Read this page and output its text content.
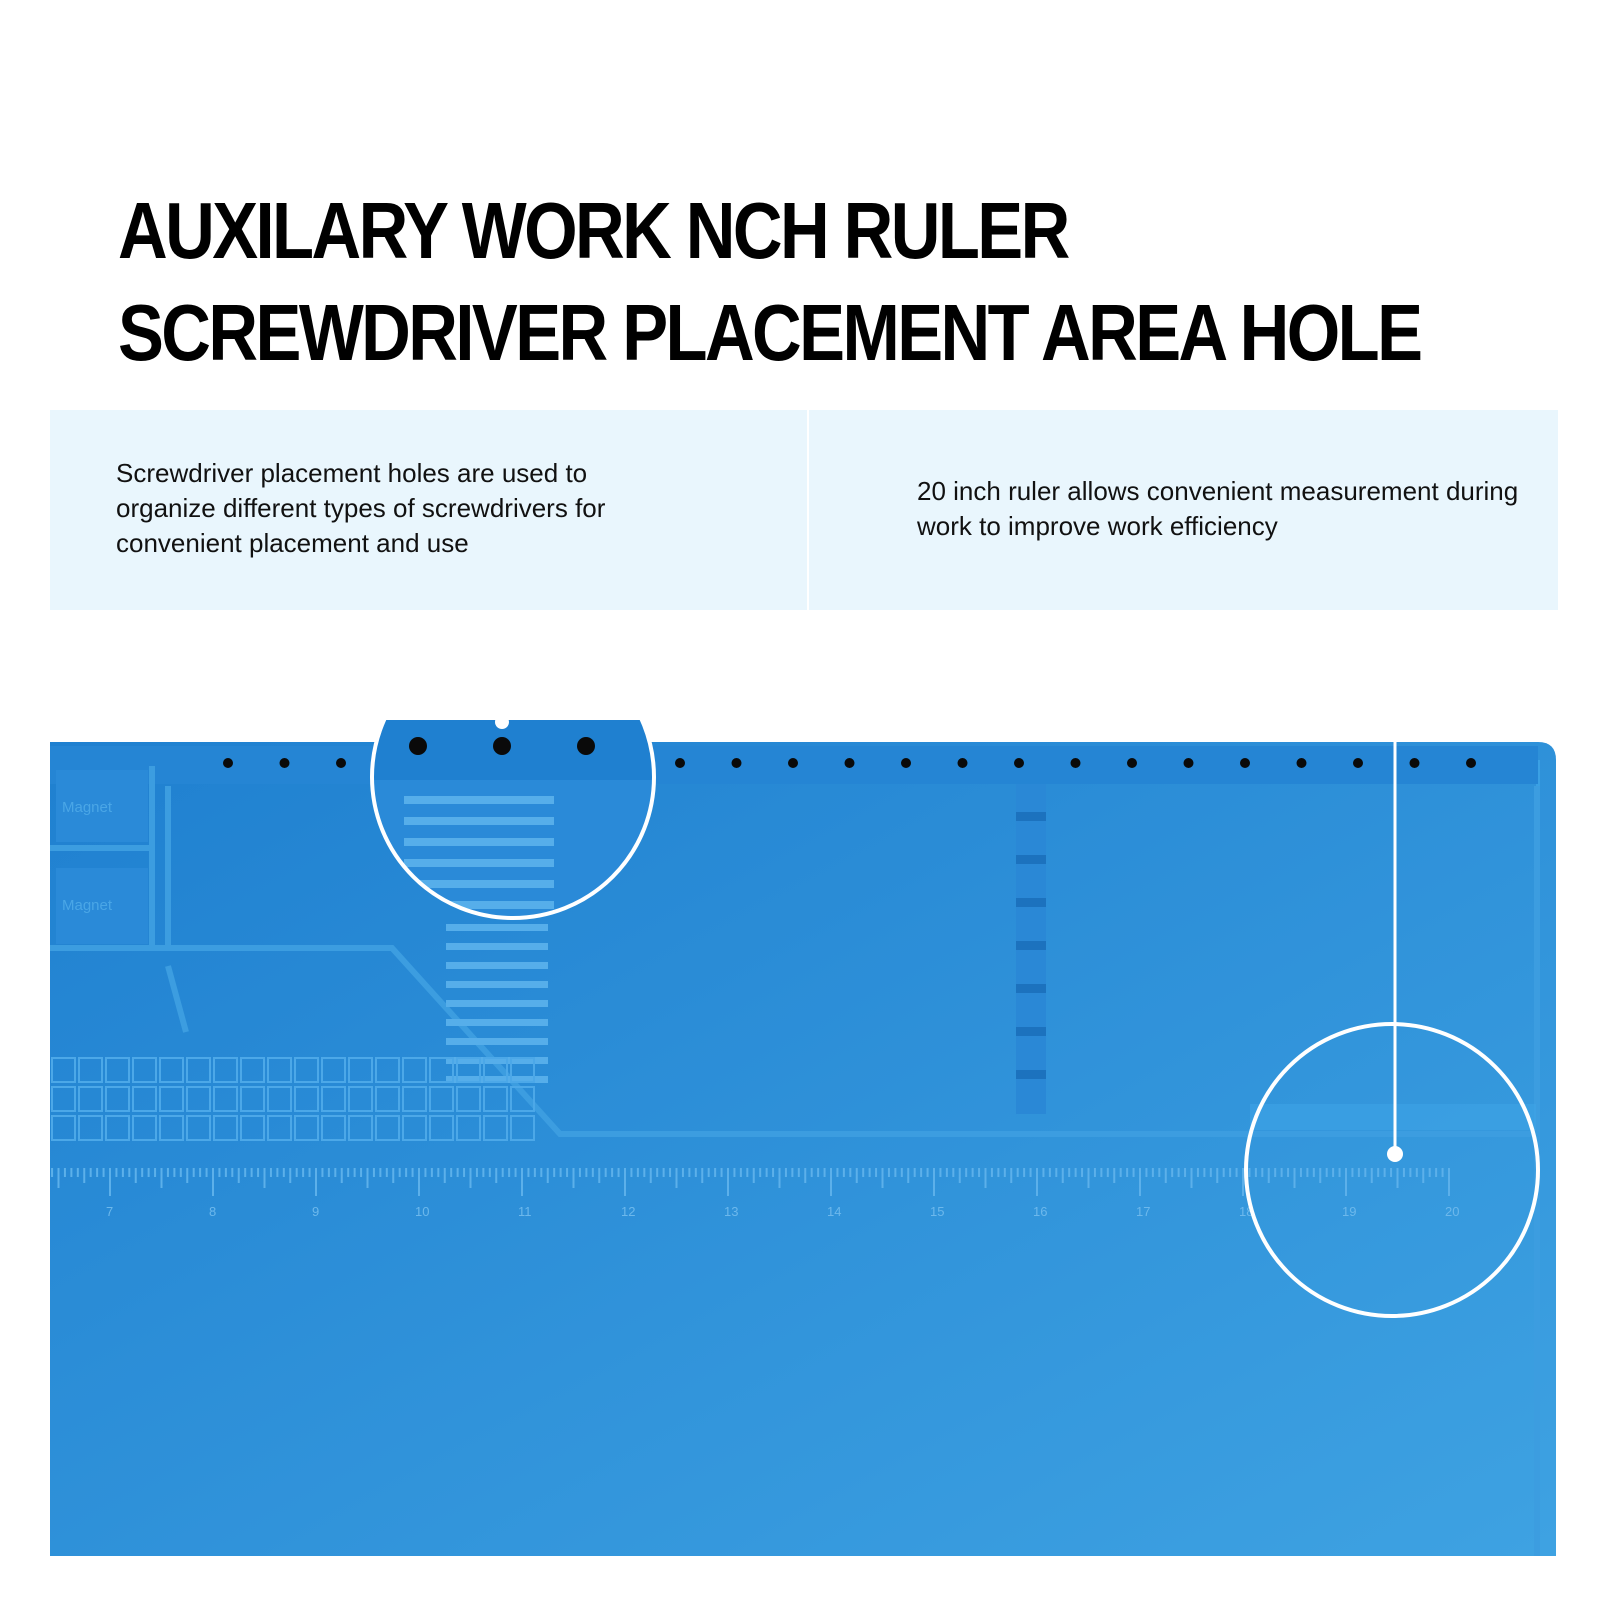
AUXILARY WORK NCH RULER
SCREWDRIVER PLACEMENT AREA HOLE

Screwdriver placement holes are used to organize different types of screwdrivers for convenient placement and use

20 inch ruler allows convenient measurement during work to improve work efficiency

Magnet
Magnet
7	8	9	10	11	12	13	14	15	16	17	18	19	20
